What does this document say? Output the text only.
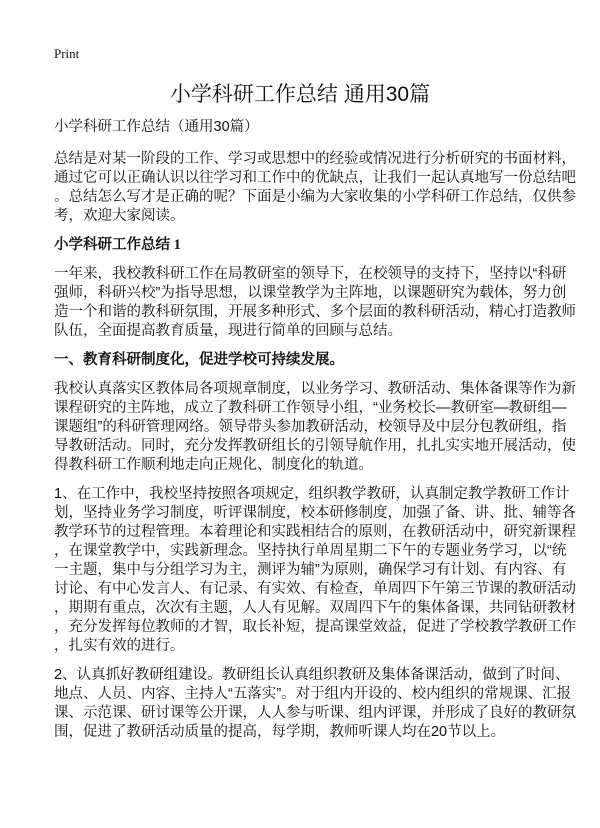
Print
小学科研工作总结 通用30篇
小学科研工作总结（通用30篇）
总结是对某一阶段的工作、学习或思想中的经验或情况进行分析研究的书面材料，
通过它可以正确认识以往学习和工作中的优缺点，让我们一起认真地写一份总结吧
。总结怎么写才是正确的呢？下面是小编为大家收集的小学科研工作总结，仅供参
考，欢迎大家阅读。
小学科研工作总结 1
一年来，我校教科研工作在局教研室的领导下，在校领导的支持下，坚持以“科研
强师，科研兴校”为指导思想，以课堂教学为主阵地，以课题研究为载体，努力创
造一个和谐的教科研氛围，开展多种形式、多个层面的教科研活动，精心打造教师
队伍，全面提高教育质量，现进行简单的回顾与总结。
一、教育科研制度化，促进学校可持续发展。
我校认真落实区教体局各项规章制度，以业务学习、教研活动、集体备课等作为新
课程研究的主阵地，成立了教科研工作领导小组，“业务校长—教研室—教研组—
课题组”的科研管理网络。领导带头参加教研活动，校领导及中层分包教研组，指
导教研活动。同时，充分发挥教研组长的引领导航作用，扎扎实实地开展活动，使
得教科研工作顺利地走向正规化、制度化的轨道。
1、在工作中，我校坚持按照各项规定，组织教学教研，认真制定教学教研工作计
划，坚持业务学习制度，听评课制度，校本研修制度，加强了备、讲、批、辅等各
教学环节的过程管理。本着理论和实践相结合的原则，在教研活动中，研究新课程
，在课堂教学中，实践新理念。坚持执行单周星期二下午的专题业务学习，以“统
一主题，集中与分组学习为主，测评为辅”为原则，确保学习有计划、有内容、有
讨论、有中心发言人、有记录、有实效、有检查，单周四下午第三节课的教研活动
，期期有重点，次次有主题，人人有见解。双周四下午的集体备课，共同钻研教材
，充分发挥每位教师的才智，取长补短，提高课堂效益，促进了学校教学教研工作
，扎实有效的进行。
2、认真抓好教研组建设。教研组长认真组织教研及集体备课活动，做到了时间、
地点、人员、内容、主持人“五落实”。对于组内开设的、校内组织的常规课、汇报
课、示范课、研讨课等公开课，人人参与听课、组内评课，并形成了良好的教研氛
围，促进了教研活动质量的提高，每学期，教师听课人均在20节以上。
